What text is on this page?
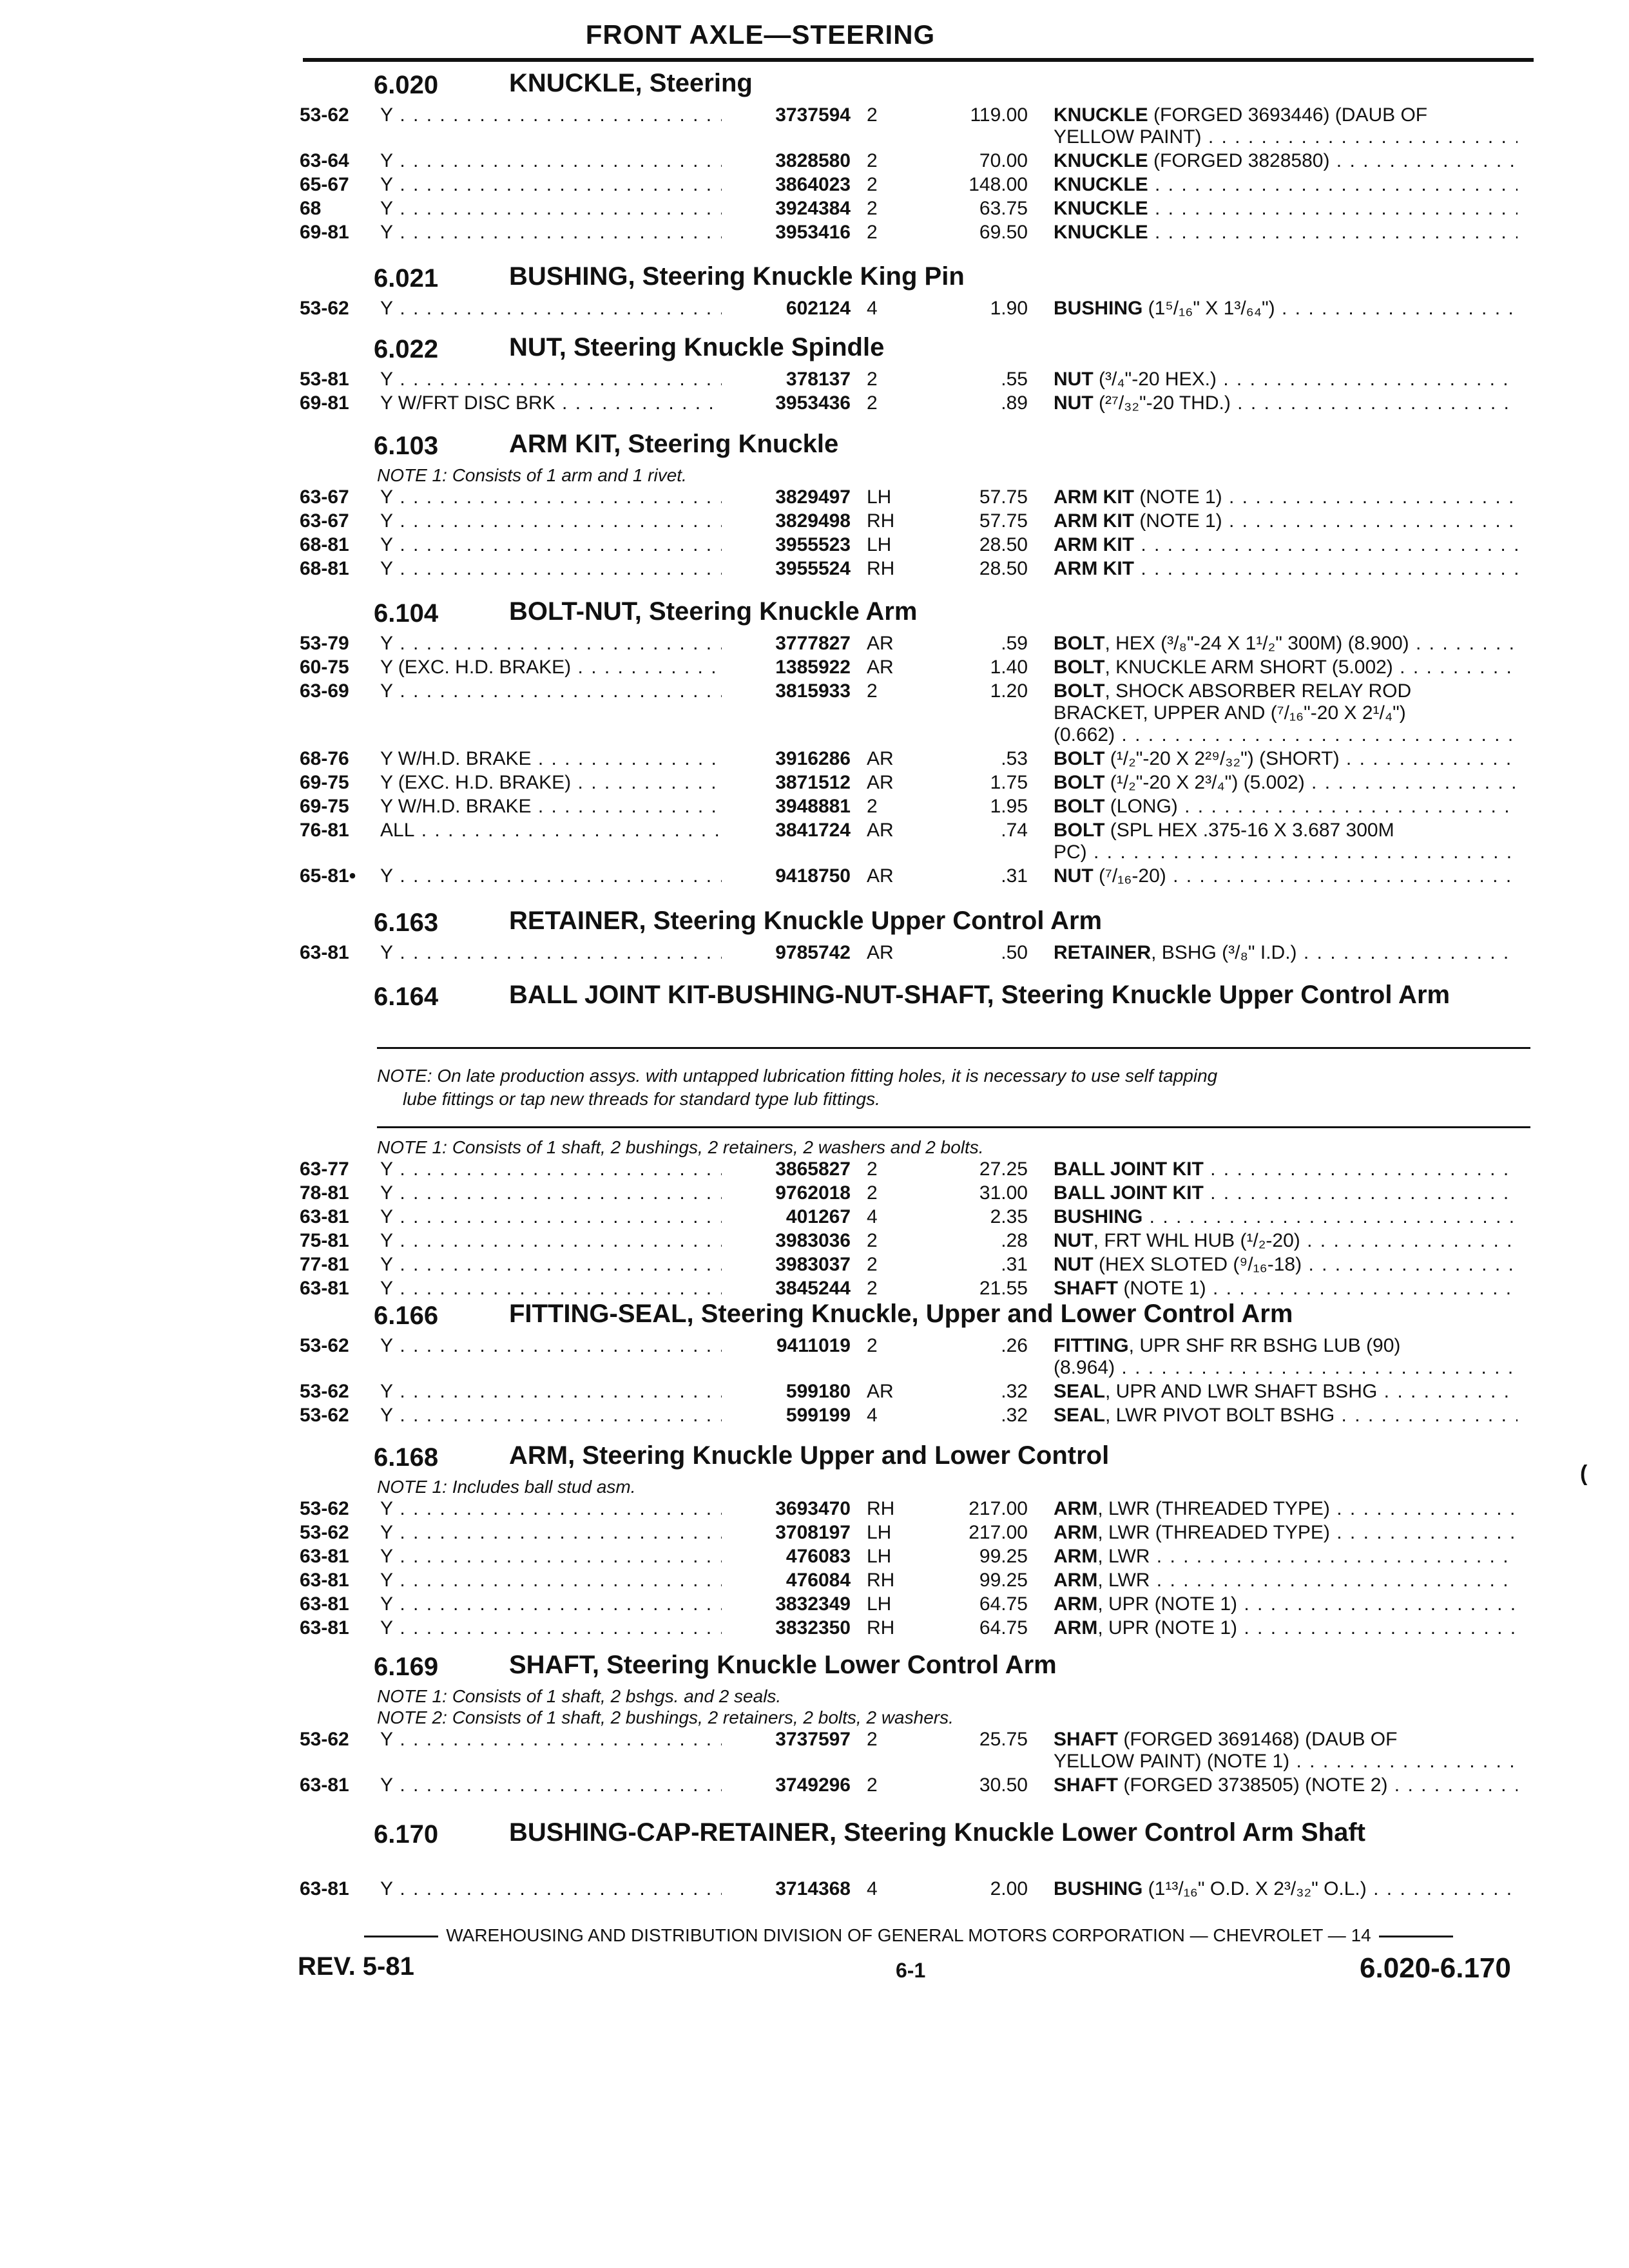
FRONT AXLE—STEERING
6.020	KNUCKLE, Steering
53-62 Y . . .	3737594 2	119.00 KNUCKLE (FORGED 3693446) (DAUB OF
YELLOW PAINT) . . .
63-64 Y . . .	3828580 2	70.00 KNUCKLE (FORGED 3828580) . . .
65-67 Y . . .	3864023 2	148.00 KNUCKLE . . .
68	Y . . .	3924384 2	63.75 KNUCKLE . . .
69-81 Y . . .	3953416 2	69.50 KNUCKLE . . .
6.021	BUSHING, Steering Knuckle King Pin
53-62 Y . . .	602124 4	1.90 BUSHING (1⁵/₁₆" X 1³/₆₄") . . .
6.022	NUT, Steering Knuckle Spindle
53-81 Y . . .	378137 2	.55 NUT (³/₄"-20 HEX.) . . .
69-81 Y W/FRT DISC BRK . . .	3953436 2	.89 NUT (²⁷/₃₂"-20 THD.) . . .
6.103	ARM KIT, Steering Knuckle
NOTE 1: Consists of 1 arm and 1 rivet.
63-67 Y . . .	3829497 LH	57.75 ARM KIT (NOTE 1) . . .
63-67 Y . . .	3829498 RH	57.75 ARM KIT (NOTE 1) . . .
68-81 Y . . .	3955523 LH	28.50 ARM KIT . . .
68-81 Y . . .	3955524 RH	28.50 ARM KIT . . .
6.104	BOLT-NUT, Steering Knuckle Arm
53-79 Y . . .	3777827 AR	.59 BOLT, HEX (³/₈"-24 X 1¹/₂" 300M) (8.900) . . .
60-75 Y (EXC. H.D. BRAKE) . . .	1385922 AR	1.40 BOLT, KNUCKLE ARM SHORT (5.002) . . .
63-69 Y . . .	3815933 2	1.20 BOLT, SHOCK ABSORBER RELAY ROD
BRACKET, UPPER AND (⁷/₁₆"-20 X 2¹/₄")
(0.662) . . .
68-76 Y W/H.D. BRAKE . . .	3916286 AR	.53 BOLT (¹/₂"-20 X 2²⁹/₃₂") (SHORT) . . .
69-75 Y (EXC. H.D. BRAKE) . . .	3871512 AR	1.75 BOLT (¹/₂"-20 X 2³/₄") (5.002) . . .
69-75 Y W/H.D. BRAKE . . .	3948881 2	1.95 BOLT (LONG) . . .
76-81 ALL . . .	3841724 AR	.74 BOLT (SPL HEX .375-16 X 3.687 300M
PC) . . .
65-81• Y . . .	9418750 AR	.31 NUT (⁷/₁₆-20) . . .
6.163	RETAINER, Steering Knuckle Upper Control Arm
63-81 Y . . .	9785742 AR	.50 RETAINER, BSHG (³/₈" I.D.) . . .
6.164	BALL JOINT KIT-BUSHING-NUT-SHAFT, Steering Knuckle Upper Control Arm
NOTE 1: Consists of 1 shaft, 2 bushings, 2 retainers, 2 washers and 2 bolts.
63-77 Y . . .	3865827 2	27.25 BALL JOINT KIT . . .
78-81 Y . . .	9762018 2	31.00 BALL JOINT KIT . . .
63-81 Y . . .	401267 4	2.35 BUSHING . . .
75-81 Y . . .	3983036 2	.28 NUT, FRT WHL HUB (¹/₂-20) . . .
77-81 Y . . .	3983037 2	.31 NUT (HEX SLOTED (⁹/₁₆-18) . . .
63-81 Y . . .	3845244 2	21.55 SHAFT (NOTE 1) . . .
6.166	FITTING-SEAL, Steering Knuckle, Upper and Lower Control Arm
53-62 Y . . .	9411019 2	.26 FITTING, UPR SHF RR BSHG LUB (90)
(8.964) . . .
53-62 Y . . .	599180 AR	.32 SEAL, UPR AND LWR SHAFT BSHG . . .
53-62 Y . . .	599199 4	.32 SEAL, LWR PIVOT BOLT BSHG . . .
6.168	ARM, Steering Knuckle Upper and Lower Control
NOTE 1: Includes ball stud asm.
53-62 Y . . .	3693470 RH	217.00 ARM, LWR (THREADED TYPE) . . .
53-62 Y . . .	3708197 LH	217.00 ARM, LWR (THREADED TYPE) . . .
63-81 Y . . .	476083 LH	99.25 ARM, LWR . . .
63-81 Y . . .	476084 RH	99.25 ARM, LWR . . .
63-81 Y . . .	3832349 LH	64.75 ARM, UPR (NOTE 1) . . .
63-81 Y . . .	3832350 RH	64.75 ARM, UPR (NOTE 1) . . .
6.169	SHAFT, Steering Knuckle Lower Control Arm
NOTE 1: Consists of 1 shaft, 2 bshgs. and 2 seals.
NOTE 2: Consists of 1 shaft, 2 bushings, 2 retainers, 2 bolts, 2 washers.
53-62 Y . . .	3737597 2	25.75 SHAFT (FORGED 3691468) (DAUB OF
YELLOW PAINT) (NOTE 1) . . .
63-81 Y . . .	3749296 2	30.50 SHAFT (FORGED 3738505) (NOTE 2) . . .
6.170	BUSHING-CAP-RETAINER, Steering Knuckle Lower Control Arm Shaft
63-81 Y . . .	3714368 4	2.00 BUSHING (1¹³/₁₆" O.D. X 2³/₃₂" O.L.) . . .
NOTE: On late production assys. with untapped lubrication fitting holes, it is necessary to use self tapping
lube fittings or tap new threads for standard type lub fittings.
(
WAREHOUSING AND DISTRIBUTION DIVISION OF GENERAL MOTORS CORPORATION — CHEVROLET — 14
REV. 5-81	6-1	6.020-6.170
